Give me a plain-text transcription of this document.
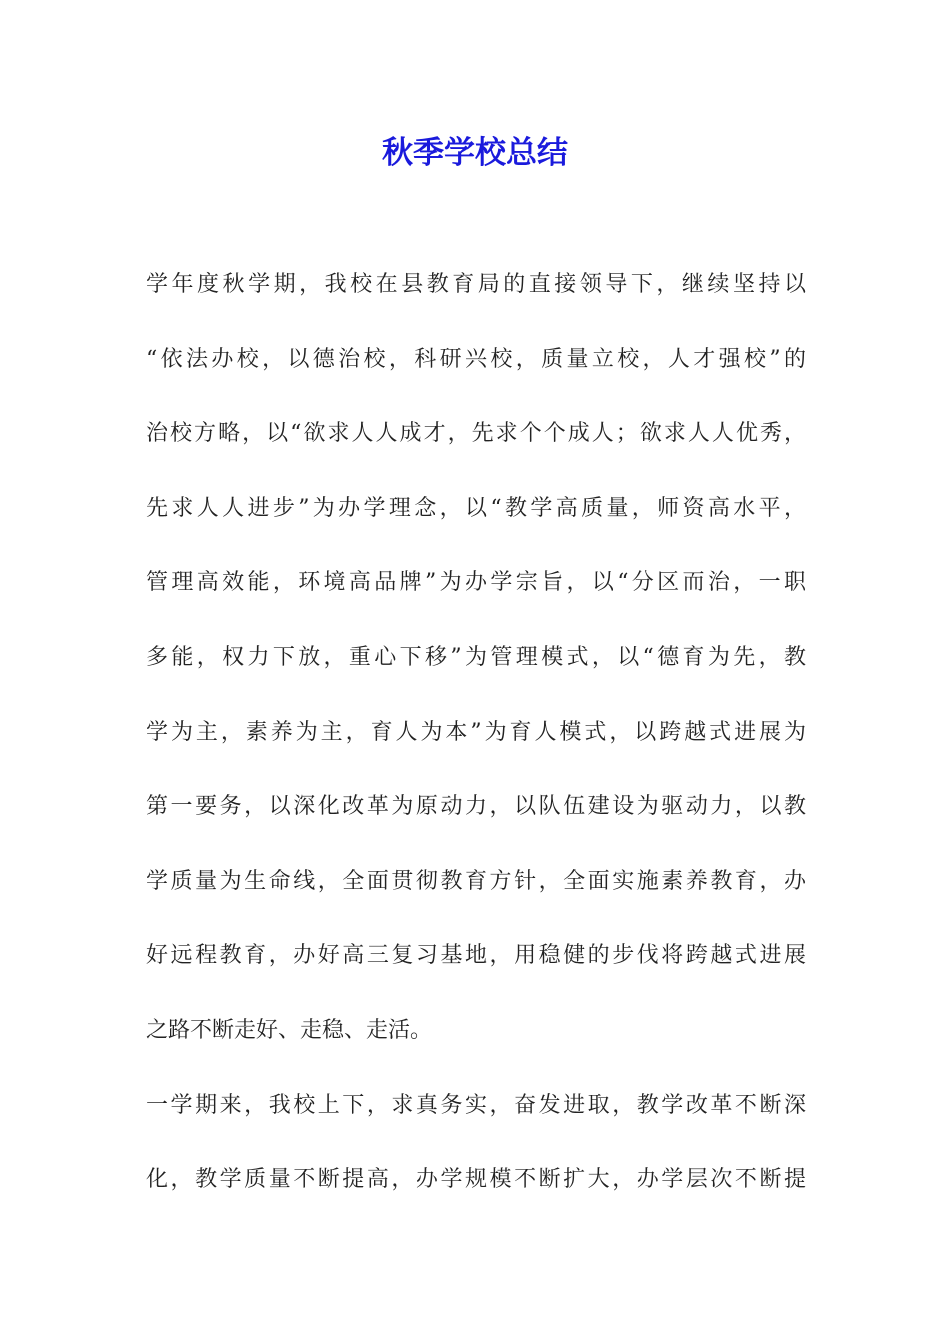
秋季学校总结
学年度秋学期，我校在县教育局的直接领导下，继续坚持以
“依法办校，以德治校，科研兴校，质量立校，人才强校”的
治校方略，以“欲求人人成才，先求个个成人；欲求人人优秀，
先求人人进步”为办学理念，以“教学高质量，师资高水平，
管理高效能，环境高品牌”为办学宗旨，以“分区而治，一职
多能，权力下放，重心下移”为管理模式，以“德育为先，教
学为主，素养为主，育人为本”为育人模式，以跨越式进展为
第一要务，以深化改革为原动力，以队伍建设为驱动力，以教
学质量为生命线，全面贯彻教育方针，全面实施素养教育，办
好远程教育，办好高三复习基地，用稳健的步伐将跨越式进展
之路不断走好、走稳、走活。
一学期来，我校上下，求真务实，奋发进取，教学改革不断深
化，教学质量不断提高，办学规模不断扩大，办学层次不断提
